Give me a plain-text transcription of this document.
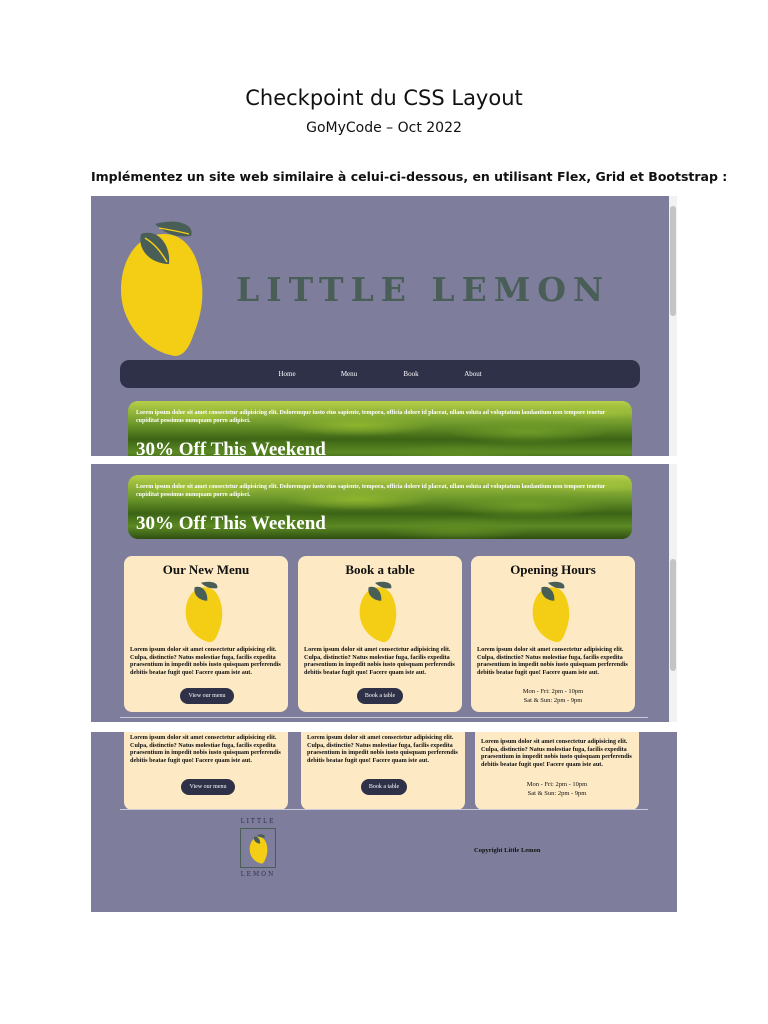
Checkpoint du CSS Layout
GoMyCode – Oct 2022
Implémentez un site web similaire à celui-ci-dessous, en utilisant Flex, Grid et Bootstrap :
LITTLE LEMON
Home	Menu	Book	About
Lorem ipsum dolor sit amet consectetur adipisicing elit. Doloremque iusto eius sapiente, tempora, officia dolore id placeat, ullam soluta ad voluptatum laudantium non tempore tenetur cupiditat possimus numquam porro adipisci.
30% Off This Weekend
Lorem ipsum dolor sit amet consectetur adipisicing elit. Doloremque iusto eius sapiente, tempora, officia dolore id placeat, ullam soluta ad voluptatum laudantium non tempore tenetur cupiditat possimus numquam porro adipisci.
30% Off This Weekend
Our New Menu
Lorem ipsum dolor sit amet consectetur adipisicing elit. Culpa, distinctio? Natus molestiae fuga, facilis expedita praesentium in impedit nobis iusto quisquam perferendis debitis beatae fugit quo! Facere quam iste aut.
View our menu
Book a table
Lorem ipsum dolor sit amet consectetur adipisicing elit. Culpa, distinctio? Natus molestiae fuga, facilis expedita praesentium in impedit nobis iusto quisquam perferendis debitis beatae fugit quo! Facere quam iste aut.
Book a table
Opening Hours
Lorem ipsum dolor sit amet consectetur adipisicing elit. Culpa, distinctio? Natus molestiae fuga, facilis expedita praesentium in impedit nobis iusto quisquam perferendis debitis beatae fugit quo! Facere quam iste aut.
Mon - Fri: 2pm - 10pm
Sat & Sun: 2pm - 9pm
Lorem ipsum dolor sit amet consectetur adipisicing elit. Culpa, distinctio? Natus molestiae fuga, facilis expedita praesentium in impedit nobis iusto quisquam perferendis debitis beatae fugit quo! Facere quam iste aut.
View our menu
Lorem ipsum dolor sit amet consectetur adipisicing elit. Culpa, distinctio? Natus molestiae fuga, facilis expedita praesentium in impedit nobis iusto quisquam perferendis debitis beatae fugit quo! Facere quam iste aut.
Book a table
Lorem ipsum dolor sit amet consectetur adipisicing elit. Culpa, distinctio? Natus molestiae fuga, facilis expedita praesentium in impedit nobis iusto quisquam perferendis debitis beatae fugit quo! Facere quam iste aut.
Mon - Fri: 2pm - 10pm
Sat & Sun: 2pm - 9pm
LITTLE
LEMON
Copyright Little Lemon
